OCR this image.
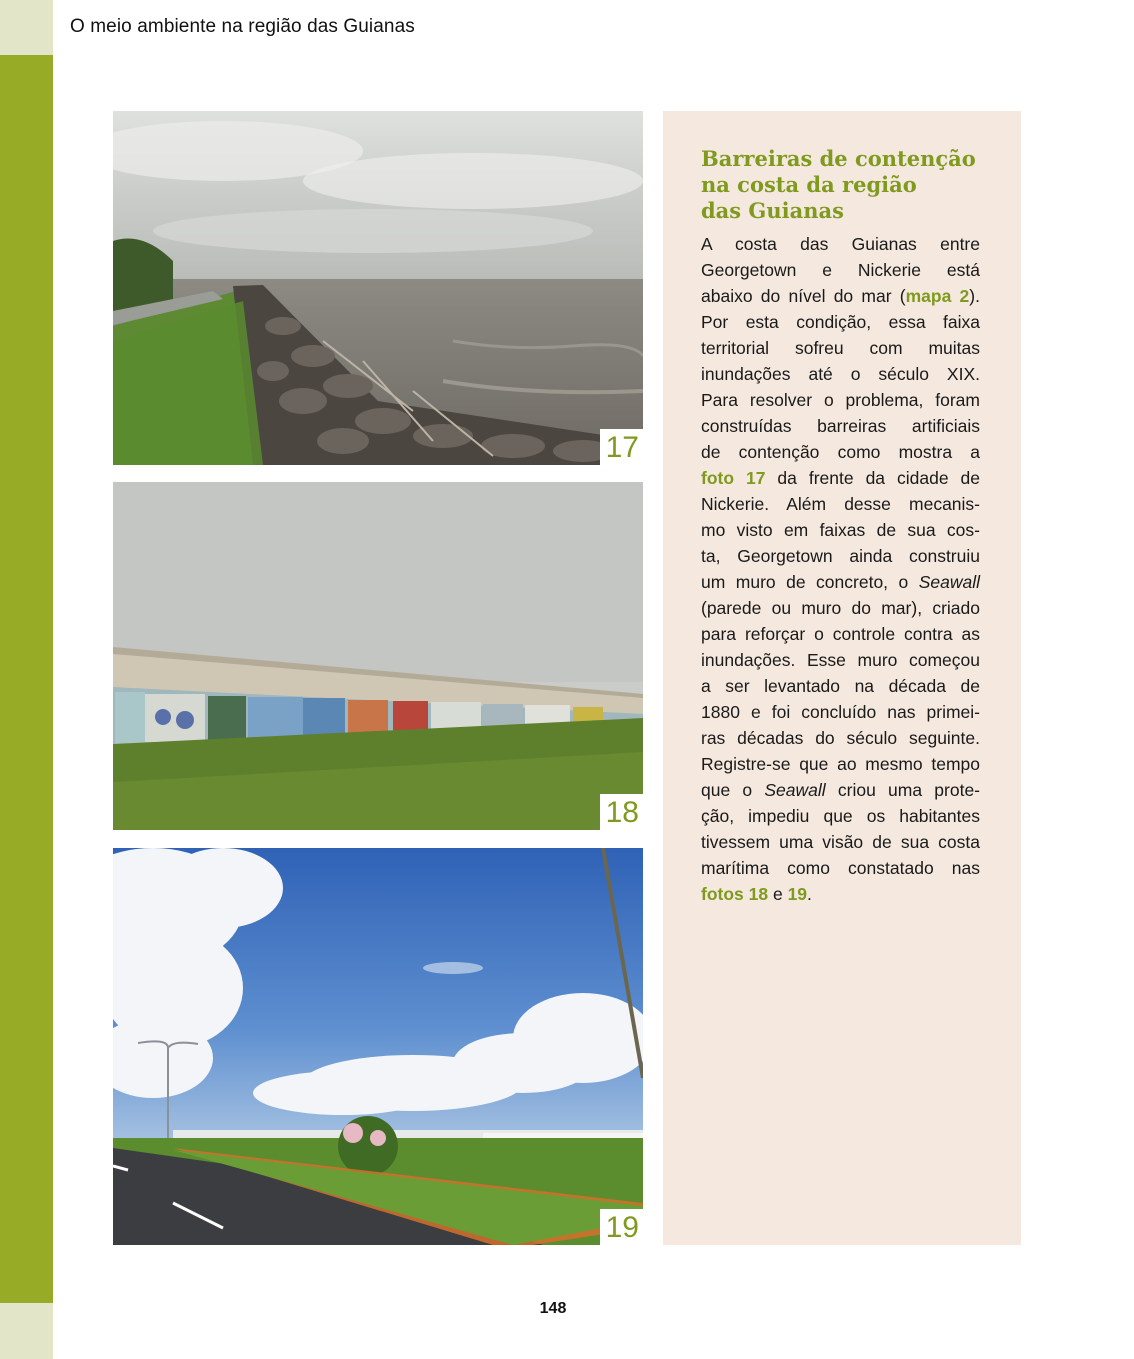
O meio ambiente na região das Guianas
17
18
19
Barreiras de contenção
na costa da região
das Guianas
A costa das Guianas entre
Georgetown e Nickerie está
abaixo do nível do mar (mapa 2).
Por esta condição, essa faixa
territorial sofreu com muitas
inundações até o século XIX.
Para resolver o problema, foram
construídas barreiras artificiais
de contenção como mostra a
foto 17 da frente da cidade de
Nickerie. Além desse mecanis-
mo visto em faixas de sua cos-
ta, Georgetown ainda construiu
um muro de concreto, o Seawall
(parede ou muro do mar), criado
para reforçar o controle contra as
inundações. Esse muro começou
a ser levantado na década de
1880 e foi concluído nas primei-
ras décadas do século seguinte.
Registre-se que ao mesmo tempo
que o Seawall criou uma prote-
ção, impediu que os habitantes
tivessem uma visão de sua costa
marítima como constatado nas
fotos 18 e 19.
148
